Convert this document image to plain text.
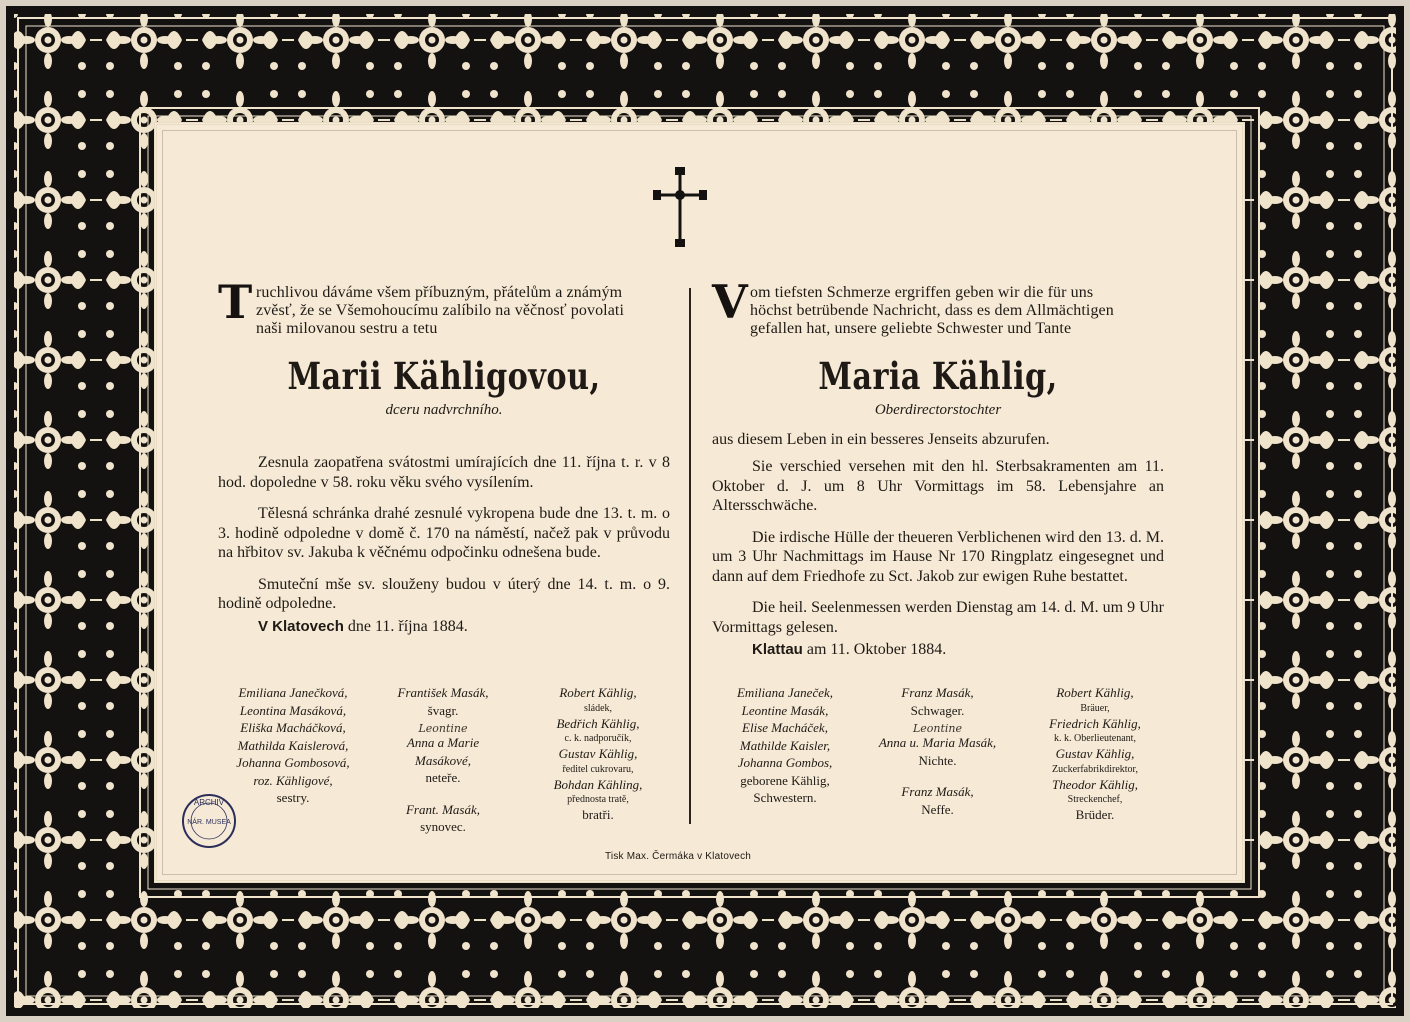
T ruchlivou dáváme všem příbuzným, přátelům a známým

zvěsť, že se Všemohoucímu zalíbilo na věčnosť povolati

naši milovanou sestru a tetu

Marii Kähligovou,
dceru nadvrchního.

Zesnula zaopatřena svátostmi umírajících dne 11. října t. r. v 8 hod. dopoledne v 58. roku věku svého vysílením.

Tělesná schránka drahé zesnulé vykropena bude dne 13. t. m. o 3. hodině odpoledne v domě č. 170 na náměstí, načež pak v průvodu na hřbitov sv. Jakuba k věčnému odpočinku odnešena bude.

Smuteční mše sv. slouženy budou v úterý dne 14. t. m. o 9. hodině odpoledne.

V Klatovech dne 11. října 1884.
Emiliana Janečková,
Leontina Masáková,
Eliška Macháčková,
Mathilda Kaislerová,
Johanna Gombosová,
roz. Kähligové,
sestry.
František Masák,
švagr.
Leontine
Anna a Marie
Masákové,
neteře.
Frant. Masák,
synovec.
Robert Kählig,
sládek,
Bedřich Kählig,
c. k. nadporučík,
Gustav Kählig,
ředitel cukrovaru,
Bohdan Kähling,
přednosta tratě,
bratři.
V om tiefsten Schmerze ergriffen geben wir die für uns

höchst betrübende Nachricht, dass es dem Allmächtigen

gefallen hat, unsere geliebte Schwester und Tante

Maria Kählig,
Oberdirectorstochter
aus diesem Leben in ein besseres Jenseits abzurufen.

Sie verschied versehen mit den hl. Sterbsakramenten am 11. Oktober d. J. um 8 Uhr Vormittags im 58. Lebensjahre an Altersschwäche.

Die irdische Hülle der theueren Verblichenen wird den 13. d. M. um 3 Uhr Nachmittags im Hause Nr 170 Ringplatz eingesegnet und dann auf dem Friedhofe zu Sct. Jakob zur ewigen Ruhe bestattet.

Die heil. Seelenmessen werden Dienstag am 14. d. M. um 9 Uhr Vormittags gelesen.

Klattau am 11. Oktober 1884.
Emiliana Janeček,
Leontine Masák,
Elise Macháček,
Mathilde Kaisler,
Johanna Gombos,
geborene Kählig,
Schwestern.
Franz Masák,
Schwager.
Leontine
Anna u. Maria Masák,
Nichte.
Franz Masák,
Neffe.
Robert Kählig,
Bräuer,
Friedrich Kählig,
k. k. Oberlieutenant,
Gustav Kählig,
Zuckerfabrikdirektor,
Theodor Kählig,
Streckenchef,
Brüder.
ARCHIV
NÁR. MUSEA
Tisk Max. Čermáka v Klatovech
